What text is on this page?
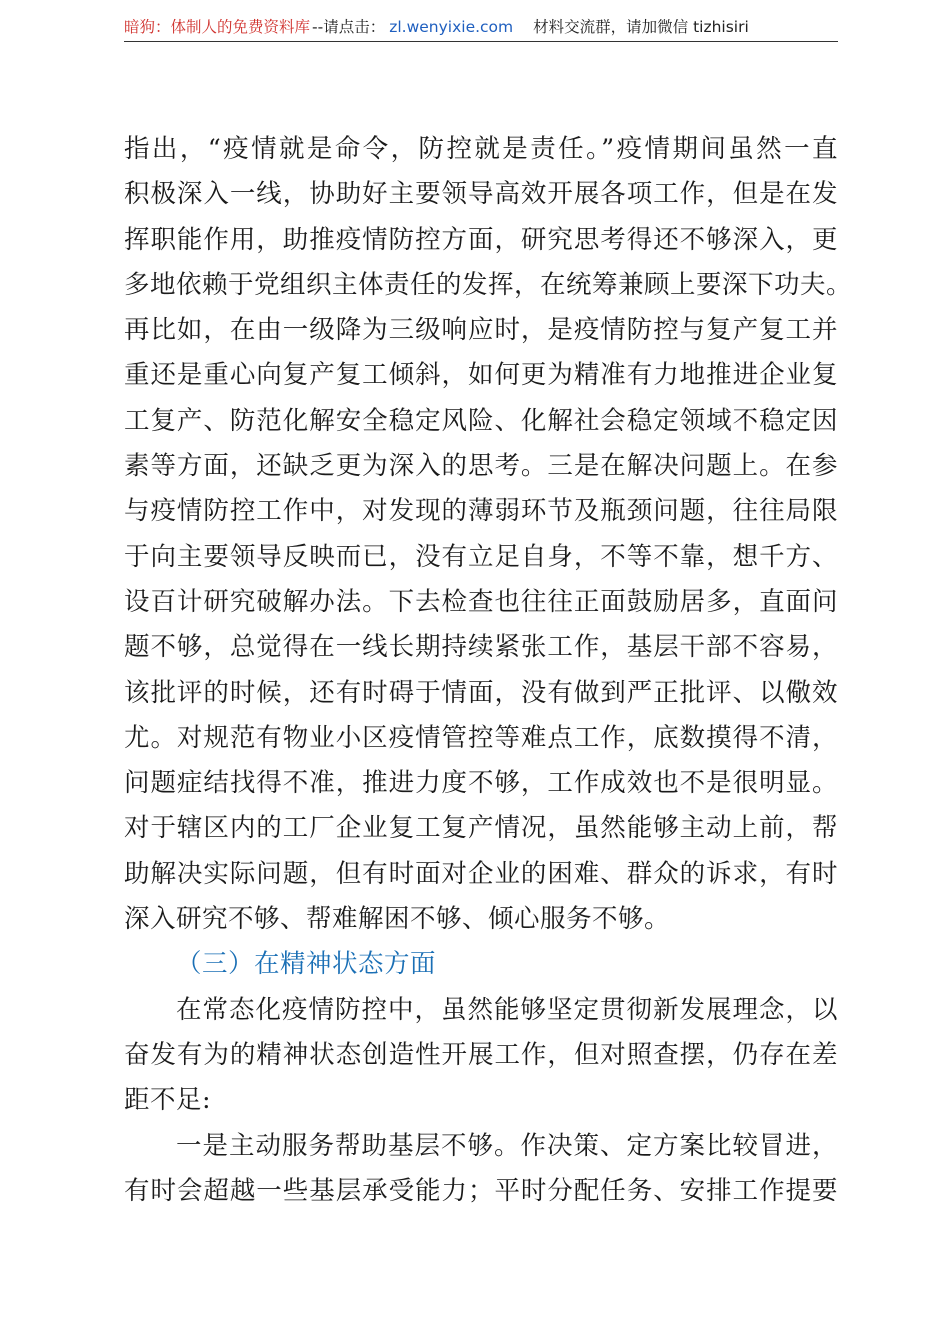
暗狗：体制人的免费资料库 --请点击： zl.wenyixie.com 材料交流群，请加微信 tizhisiri
指出，“疫情就是命令，防控就是责任。”疫情期间虽然一直
积极深入一线，协助好主要领导高效开展各项工作，但是在发
挥职能作用，助推疫情防控方面，研究思考得还不够深入，更
多地依赖于党组织主体责任的发挥，在统筹兼顾上要深下功夫。
再比如，在由一级降为三级响应时，是疫情防控与复产复工并
重还是重心向复产复工倾斜，如何更为精准有力地推进企业复
工复产、防范化解安全稳定风险、化解社会稳定领域不稳定因
素等方面，还缺乏更为深入的思考。三是在解决问题上。在参
与疫情防控工作中，对发现的薄弱环节及瓶颈问题，往往局限
于向主要领导反映而已，没有立足自身，不等不靠，想千方、
设百计研究破解办法。下去检查也往往正面鼓励居多，直面问
题不够，总觉得在一线长期持续紧张工作，基层干部不容易，
该批评的时候，还有时碍于情面，没有做到严正批评、以儆效
尤。对规范有物业小区疫情管控等难点工作，底数摸得不清，
问题症结找得不准，推进力度不够，工作成效也不是很明显。
对于辖区内的工厂企业复工复产情况，虽然能够主动上前，帮
助解决实际问题，但有时面对企业的困难、群众的诉求，有时
深入研究不够、帮难解困不够、倾心服务不够。
（三）在精神状态方面
在常态化疫情防控中，虽然能够坚定贯彻新发展理念，以
奋发有为的精神状态创造性开展工作，但对照查摆，仍存在差
距不足:
一是主动服务帮助基层不够。作决策、定方案比较冒进，
有时会超越一些基层承受能力；平时分配任务、安排工作提要
